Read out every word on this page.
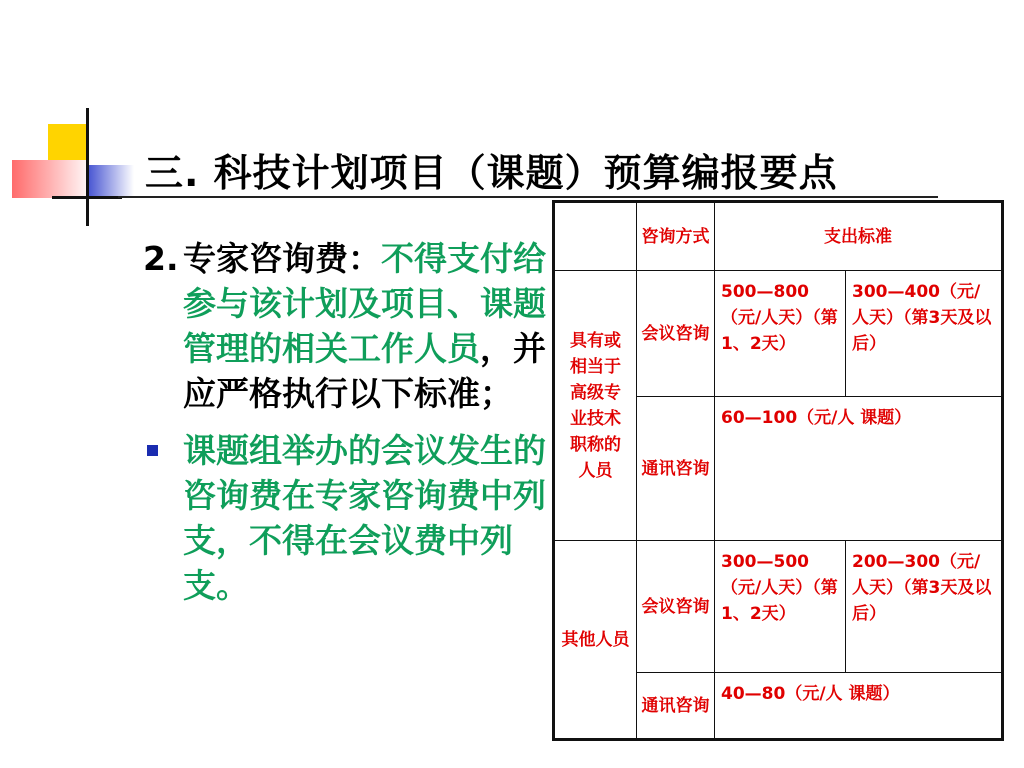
三. 科技计划项目（课题）预算编报要点
2. 专家咨询费：不得支付给参与该计划及项目、课题管理的相关工作人员，并应严格执行以下标准；
课题组举办的会议发生的咨询费在专家咨询费中列支，不得在会议费中列支。
咨询方式	支出标准
具有或相当于高级专业技术职称的人员
会议咨询
500—800（元/人天）（第1、2天）
300—400（元/人天）（第3天及以后）
通讯咨询
60—100（元/人 课题）
其他人员
会议咨询
300—500（元/人天）（第1、2天）
200—300（元/人天）（第3天及以后）
通讯咨询
40—80（元/人 课题）
